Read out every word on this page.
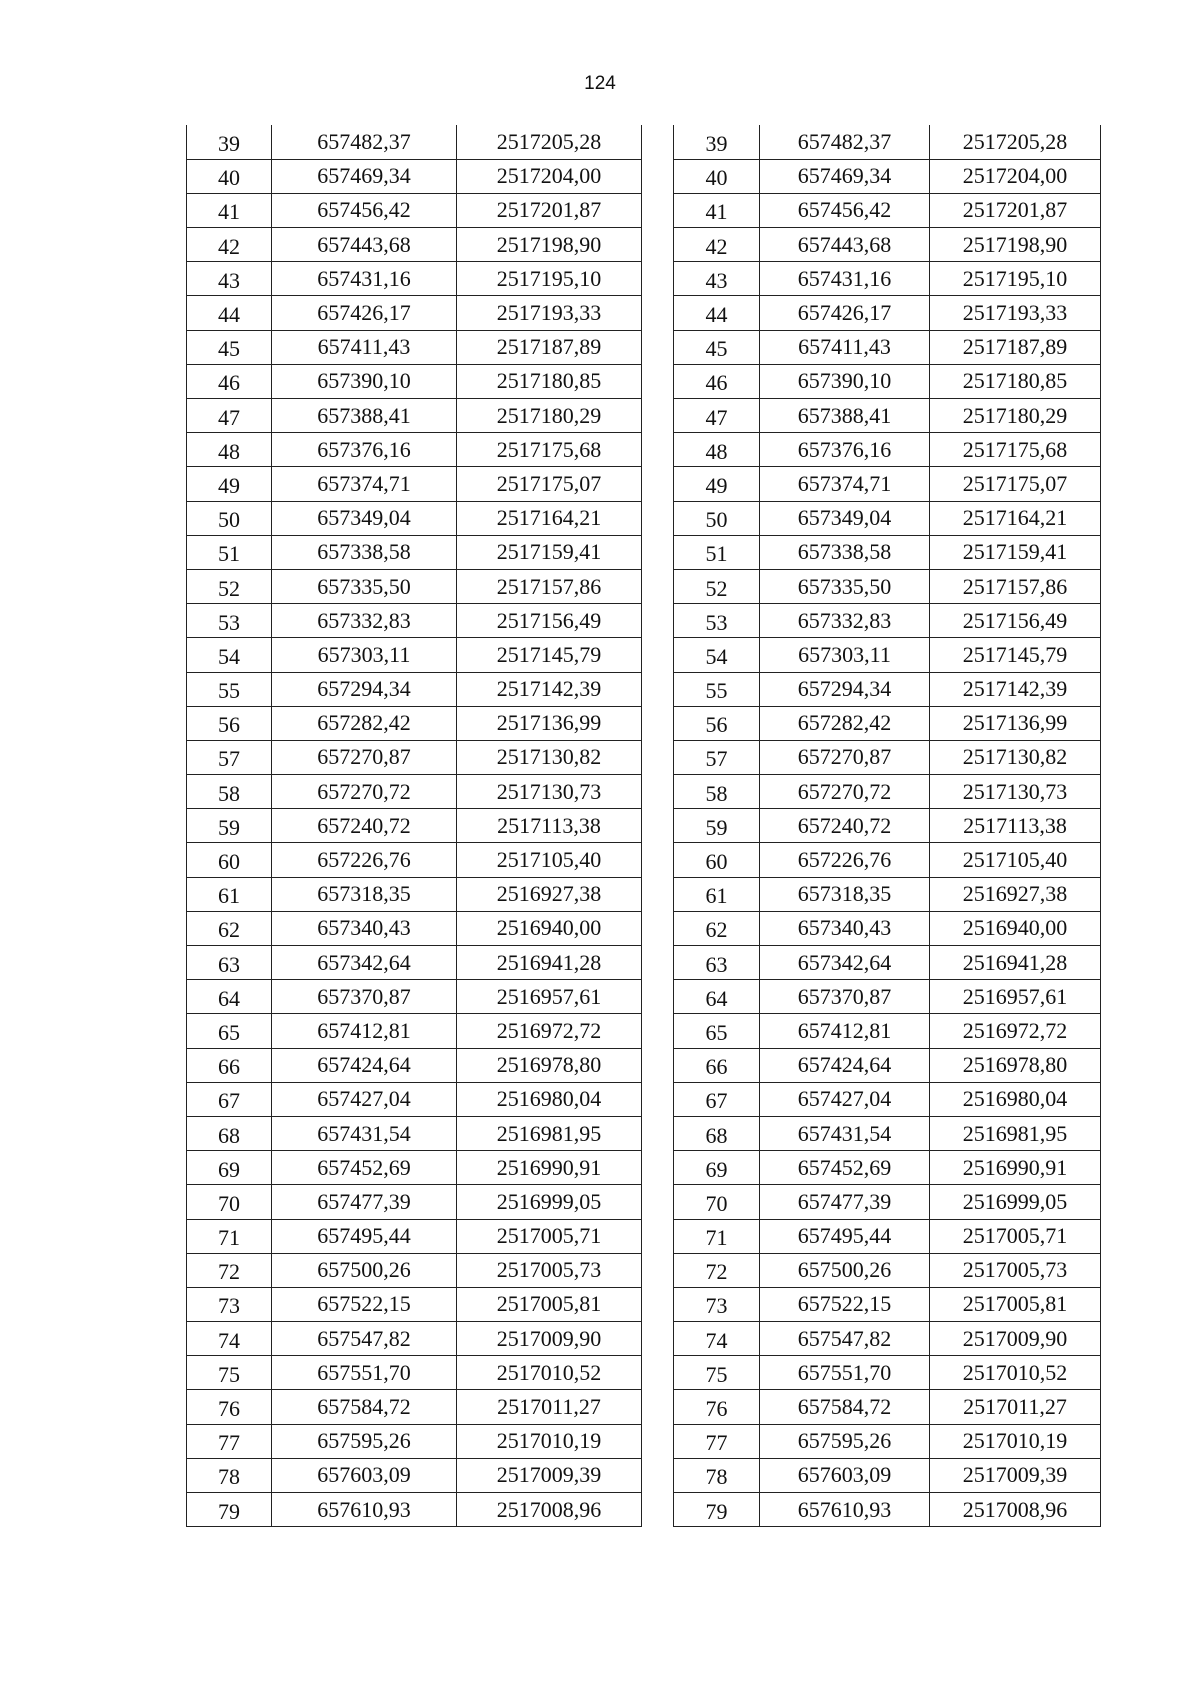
124
39	657482,37	2517205,28
40	657469,34	2517204,00
41	657456,42	2517201,87
42	657443,68	2517198,90
43	657431,16	2517195,10
44	657426,17	2517193,33
45	657411,43	2517187,89
46	657390,10	2517180,85
47	657388,41	2517180,29
48	657376,16	2517175,68
49	657374,71	2517175,07
50	657349,04	2517164,21
51	657338,58	2517159,41
52	657335,50	2517157,86
53	657332,83	2517156,49
54	657303,11	2517145,79
55	657294,34	2517142,39
56	657282,42	2517136,99
57	657270,87	2517130,82
58	657270,72	2517130,73
59	657240,72	2517113,38
60	657226,76	2517105,40
61	657318,35	2516927,38
62	657340,43	2516940,00
63	657342,64	2516941,28
64	657370,87	2516957,61
65	657412,81	2516972,72
66	657424,64	2516978,80
67	657427,04	2516980,04
68	657431,54	2516981,95
69	657452,69	2516990,91
70	657477,39	2516999,05
71	657495,44	2517005,71
72	657500,26	2517005,73
73	657522,15	2517005,81
74	657547,82	2517009,90
75	657551,70	2517010,52
76	657584,72	2517011,27
77	657595,26	2517010,19
78	657603,09	2517009,39
79	657610,93	2517008,96
39	657482,37	2517205,28
40	657469,34	2517204,00
41	657456,42	2517201,87
42	657443,68	2517198,90
43	657431,16	2517195,10
44	657426,17	2517193,33
45	657411,43	2517187,89
46	657390,10	2517180,85
47	657388,41	2517180,29
48	657376,16	2517175,68
49	657374,71	2517175,07
50	657349,04	2517164,21
51	657338,58	2517159,41
52	657335,50	2517157,86
53	657332,83	2517156,49
54	657303,11	2517145,79
55	657294,34	2517142,39
56	657282,42	2517136,99
57	657270,87	2517130,82
58	657270,72	2517130,73
59	657240,72	2517113,38
60	657226,76	2517105,40
61	657318,35	2516927,38
62	657340,43	2516940,00
63	657342,64	2516941,28
64	657370,87	2516957,61
65	657412,81	2516972,72
66	657424,64	2516978,80
67	657427,04	2516980,04
68	657431,54	2516981,95
69	657452,69	2516990,91
70	657477,39	2516999,05
71	657495,44	2517005,71
72	657500,26	2517005,73
73	657522,15	2517005,81
74	657547,82	2517009,90
75	657551,70	2517010,52
76	657584,72	2517011,27
77	657595,26	2517010,19
78	657603,09	2517009,39
79	657610,93	2517008,96
